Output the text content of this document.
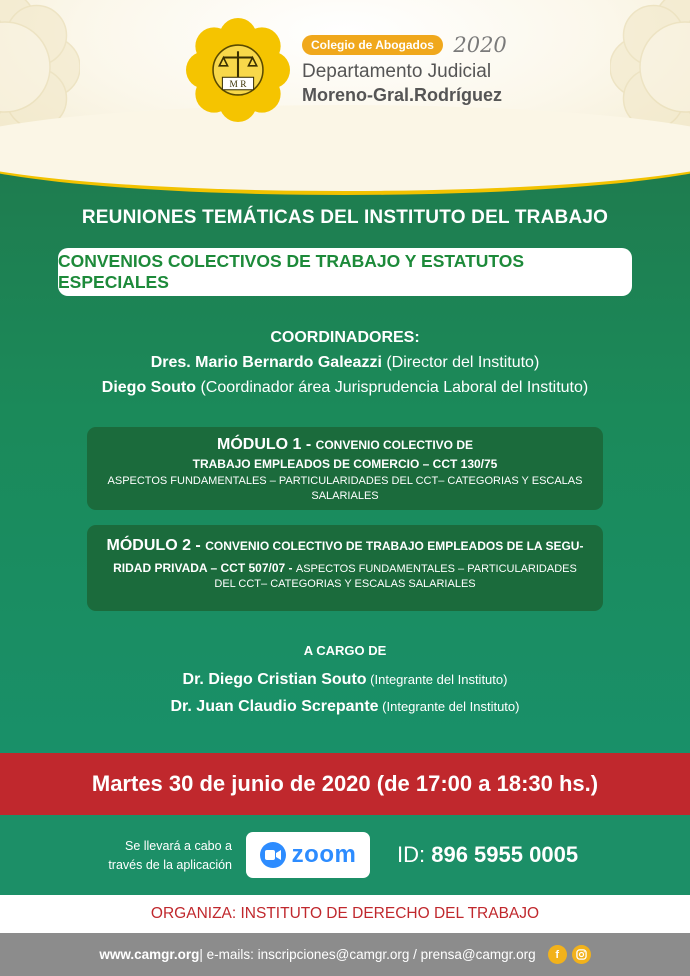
M R
Colegio de Abogados 2020
Departamento Judicial
Moreno-Gral.Rodríguez
REUNIONES TEMÁTICAS DEL INSTITUTO DEL TRABAJO
CONVENIOS COLECTIVOS DE TRABAJO Y ESTATUTOS ESPECIALES
COORDINADORES:
Dres. Mario Bernardo Galeazzi (Director del Instituto)
Diego Souto (Coordinador área Jurisprudencia Laboral del Instituto)
MÓDULO 1 - CONVENIO COLECTIVO DE
TRABAJO EMPLEADOS DE COMERCIO – CCT 130/75
ASPECTOS FUNDAMENTALES – PARTICULARIDADES DEL CCT– CATEGORIAS Y ESCALAS SALARIALES
MÓDULO 2 - CONVENIO COLECTIVO DE TRABAJO EMPLEADOS DE LA SEGU-
RIDAD PRIVADA – CCT 507/07 - ASPECTOS FUNDAMENTALES – PARTICULARIDADES
DEL CCT– CATEGORIAS Y ESCALAS SALARIALES
A CARGO DE
Dr. Diego Cristian Souto (Integrante del Instituto)
Dr. Juan Claudio Screpante (Integrante del Instituto)
Martes 30 de junio de 2020 (de 17:00 a 18:30 hs.)
Se llevará a cabo a
través de la aplicación zoom ID: 896 5955 0005
ORGANIZA: INSTITUTO DE DERECHO DEL TRABAJO
www.camgr.org | e-mails: inscripciones@camgr.org / prensa@camgr.org	f
